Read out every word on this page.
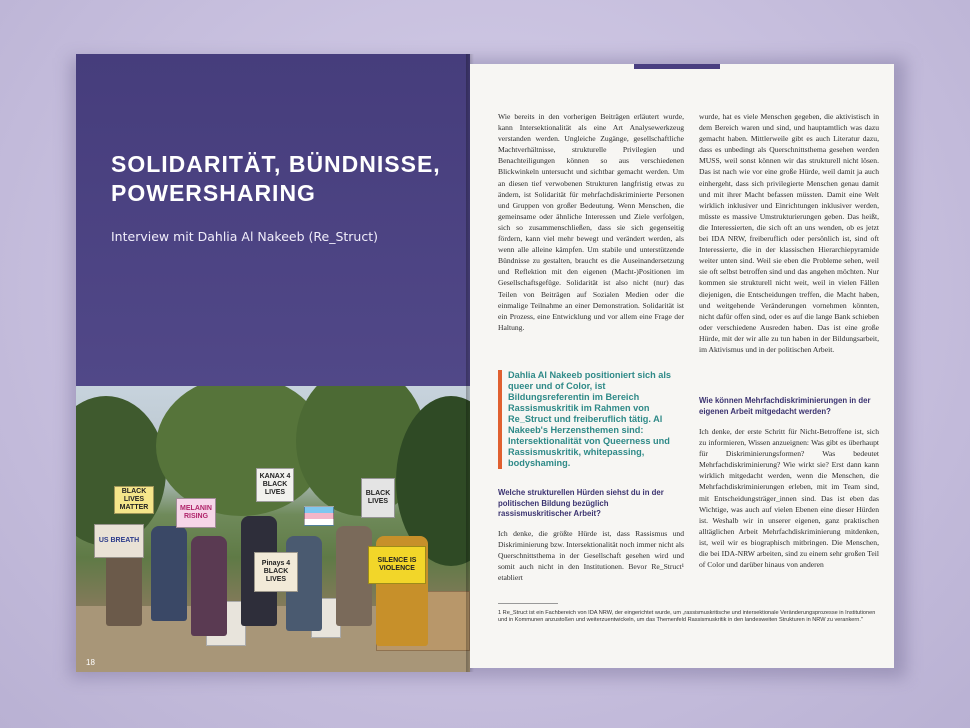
SOLIDARITÄT, BÜNDNISSE,
POWERSHARING
Interview mit Dahlia Al Nakeeb (Re_Struct)
KANAX 4 BLACK LIVES
MELANIN RISING
US BREATH
SILENCE IS VIOLENCE
Pinays 4 BLACK LIVES
BLACK LIVES MATTER
BLACK LIVES
18
Wie bereits in den vorherigen Beiträgen erläutert wurde, kann Intersektionalität als eine Art Analysewerkzeug verstanden werden. Ungleiche Zugänge, gesellschaftliche Machtverhältnisse, strukturelle Privilegien und Benachteiligungen können so aus verschiedenen Blickwinkeln untersucht und sichtbar gemacht werden. Um an diesen tief verwobenen Strukturen langfristig etwas zu ändern, ist Solidarität für mehrfachdiskriminierte Personen und Gruppen von großer Bedeutung. Wenn Menschen, die gemeinsame oder ähnliche Interessen und Ziele verfolgen, sich so zusammenschließen, dass sie sich gegenseitig fördern, kann viel mehr bewegt und verändert werden, als wenn alle alleine kämpfen. Um stabile und unterstützende Bündnisse zu gestalten, braucht es die Auseinandersetzung und Reflektion mit den eigenen (Macht-)Positionen im Gesellschaftsgefüge. Solidarität ist also nicht (nur) das Teilen von Beiträgen auf Sozialen Medien oder die einmalige Teilnahme an einer Demonstration. Solidarität ist ein Prozess, eine Entwicklung und vor allem eine Frage der Haltung.
Dahlia Al Nakeeb positioniert sich als queer und of Color, ist Bildungsreferentin im Bereich Rassismuskritik im Rahmen von Re_Struct und freiberuflich tätig. Al Nakeeb's Herzensthemen sind: Intersektionalität von Queerness und Rassismuskritik, whitepassing, bodyshaming.
Welche strukturellen Hürden siehst du in der politischen Bildung bezüglich rassismuskritischer Arbeit?
Ich denke, die größte Hürde ist, dass Rassismus und Diskriminierung bzw. Intersektionalität noch immer nicht als Querschnittsthema in der Gesellschaft gesehen wird und somit auch nicht in den Institutionen. Bevor Re_Struct¹ etabliert
wurde, hat es viele Menschen gegeben, die aktivistisch in dem Bereich waren und sind, und hauptamtlich was dazu gemacht haben. Mittlerweile gibt es auch Literatur dazu, dass es unbedingt als Querschnittsthema gesehen werden MUSS, weil sonst können wir das strukturell nicht lösen. Das ist nach wie vor eine große Hürde, weil damit ja auch einhergeht, dass sich privilegierte Menschen genau damit und mit ihrer Macht befassen müssten. Damit eine Welt wirklich inklusiver und Einrichtungen inklusiver werden, müsste es massive Umstrukturierungen geben. Das heißt, die Interessierten, die sich oft an uns wenden, ob es jetzt bei IDA NRW, freiberuflich oder persönlich ist, sind oft Interessierte, die in der klassischen Hierarchiepyramide weiter unten sind. Weil sie eben die Probleme sehen, weil sie oft selbst betroffen sind und das angehen möchten. Nur kommen sie strukturell nicht weit, weil in vielen Fällen diejenigen, die Entscheidungen treffen, die Macht haben, und weitgehende Veränderungen vornehmen könnten, nicht dafür offen sind, oder es auf die lange Bank schieben oder verschiedene Ausreden haben. Das ist eine große Hürde, mit der wir alle zu tun haben in der Bildungsarbeit, im Aktivismus und in der politischen Arbeit.
Wie können Mehrfachdiskriminierungen in der eigenen Arbeit mitgedacht werden?
Ich denke, der erste Schritt für Nicht-Betroffene ist, sich zu informieren, Wissen anzueignen: Was gibt es überhaupt für Diskriminierungsformen? Was bedeutet Mehrfachdiskriminierung? Wie wirkt sie? Erst dann kann wirklich mitgedacht werden, wenn die Menschen, die Mehrfachdiskriminierungen erleben, mit im Team sind, mit Entscheidungsträger_innen sind. Das ist eben das Wichtige, was auch auf vielen Ebenen eine dieser Hürden ist. Weshalb wir in unserer eigenen, ganz praktischen alltäglichen Arbeit Mehrfachdiskriminierung mitdenken, ist, weil wir es biographisch mitbringen. Die Menschen, die bei IDA-NRW arbeiten, sind zu einem sehr großen Teil of Color und darüber hinaus von anderen
1 Re_Struct ist ein Fachbereich von IDA NRW, der eingerichtet wurde, um „rassismuskritische und intersektionale Veränderungsprozesse in Institutionen und in Kommunen anzustoßen und weiterzuentwickeln, um das Themenfeld Rassismuskritik in den landesweiten Strukturen in NRW zu verankern."
